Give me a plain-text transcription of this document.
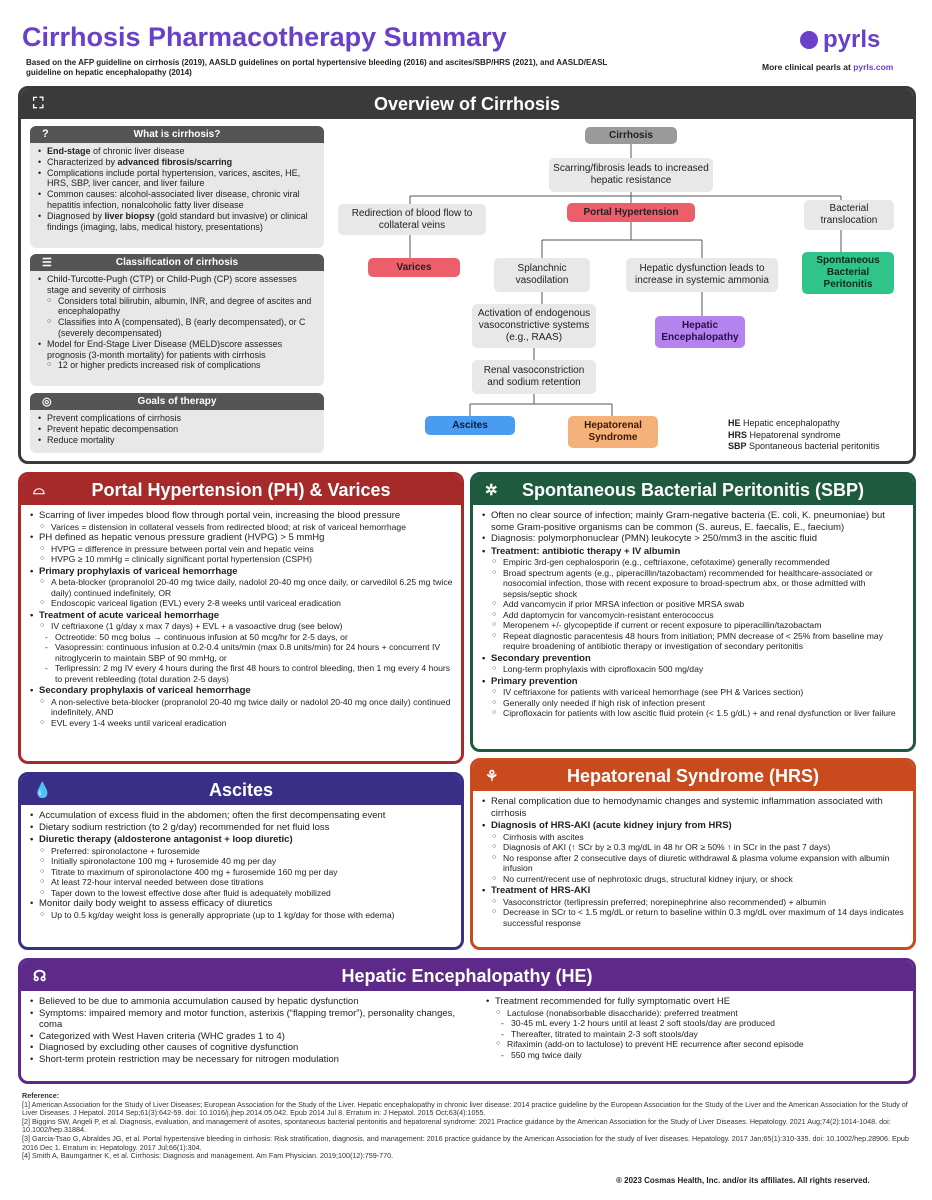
Cirrhosis Pharmacotherapy Summary
Based on the AFP guideline on cirrhosis (2019), AASLD guidelines on portal hypertensive bleeding (2016) and ascites/SBP/HRS (2021), and AASLD/EASL guideline on hepatic encephalopathy (2014)
pyrls
More clinical pearls at pyrls.com
⛶	Overview of Cirrhosis
?	What is cirrhosis?
• End-stage of chronic liver disease
• Characterized by advanced fibrosis/scarring
• Complications include portal hypertension, varices, ascites, HE, HRS, SBP, liver cancer, and liver failure
• Common causes: alcohol-associated liver disease, chronic viral hepatitis infection, nonalcoholic fatty liver disease
• Diagnosed by liver biopsy (gold standard but invasive) or clinical findings (imaging, labs, medical history, presentations)
☰	Classification of cirrhosis
• Child-Turcotte-Pugh (CTP) or Child-Pugh (CP) score assesses stage and severity of cirrhosis
○ Considers total bilirubin, albumin, INR, and degree of ascites and encephalopathy
○ Classifies into A (compensated), B (early decompensated), or C (severely decompensated)
• Model for End-Stage Liver Disease (MELD)score assesses prognosis (3-month mortality) for patients with cirrhosis
○ 12 or higher predicts increased risk of complications
◎	Goals of therapy
• Prevent complications of cirrhosis
• Prevent hepatic decompensation
• Reduce mortality
Cirrhosis
Scarring/fibrosis leads to increased hepatic resistance
Portal Hypertension
Redirection of blood flow to collateral veins
Varices
Bacterial translocation
Spontaneous Bacterial Peritonitis
Splanchnic vasodilation
Hepatic dysfunction leads to increase in systemic ammonia
Activation of endogenous vasoconstrictive systems (e.g., RAAS)
Hepatic Encephalopathy
Renal vasoconstriction and sodium retention
Ascites	Hepatorenal Syndrome
HE Hepatic encephalopathy
HRS Hepatorenal syndrome
SBP Spontaneous bacterial peritonitis
⌓	Portal Hypertension (PH) & Varices
• Scarring of liver impedes blood flow through portal vein, increasing the blood pressure
○ Varices = distension in collateral vessels from redirected blood; at risk of variceal hemorrhage
• PH defined as hepatic venous pressure gradient (HVPG) > 5 mmHg
○ HVPG = difference in pressure between portal vein and hepatic veins
○ HVPG ≥ 10 mmHg = clinically significant portal hypertension (CSPH)
• Primary prophylaxis of variceal hemorrhage
○ A beta-blocker (propranolol 20-40 mg twice daily, nadolol 20-40 mg once daily, or carvedilol 6.25 mg twice daily) continued indefinitely, OR
○ Endoscopic variceal ligation (EVL) every 2-8 weeks until variceal eradication
• Treatment of acute variceal hemorrhage
○ IV ceftriaxone (1 g/day x max 7 days) + EVL + a vasoactive drug (see below)
- Octreotide: 50 mcg bolus → continuous infusion at 50 mcg/hr for 2-5 days, or
- Vasopressin: continuous infusion at 0.2-0.4 units/min (max 0.8 units/min) for 24 hours + concurrent IV nitroglycerin to maintain SBP of 90 mmHg, or
- Terlipressin: 2 mg IV every 4 hours during the first 48 hours to control bleeding, then 1 mg every 4 hours to prevent rebleeding (total duration 2-5 days)
• Secondary prophylaxis of variceal hemorrhage
○ A non-selective beta-blocker (propranolol 20-40 mg twice daily or nadolol 20-40 mg once daily) continued indefinitely, AND
○ EVL every 1-4 weeks until variceal eradication
✲ Spontaneous Bacterial Peritonitis (SBP)
• Often no clear source of infection; mainly Gram-negative bacteria (E. coli, K. pneumoniae) but some Gram-positive organisms can be common (S. aureus, E. faecalis, E., faecium)
• Diagnosis: polymorphonuclear (PMN) leukocyte > 250/mm3 in the ascitic fluid
• Treatment: antibiotic therapy + IV albumin
○ Empiric 3rd-gen cephalosporin (e.g., ceftriaxone, cefotaxime) generally recommended
○ Broad spectrum agents (e.g., piperacillin/tazobactam) recommended for healthcare-associated or nosocomial infection, those with recent exposure to broad-spectrum abx, or those admitted with sepsis/septic shock
○ Add vancomycin if prior MRSA infection or positive MRSA swab
○ Add daptomycin for vancomycin-resistant enterococcus
○ Meropenem +/- glycopeptide if current or recent exposure to piperacillin/tazobactam
○ Repeat diagnostic paracentesis 48 hours from initiation; PMN decrease of < 25% from baseline may require broadening of antibiotic therapy or investigation of secondary peritonitis
• Secondary prevention
○ Long-term prophylaxis with ciprofloxacin 500 mg/day
• Primary prevention
○ IV ceftriaxone for patients with variceal hemorrhage (see PH & Varices section)
○ Generally only needed if high risk of infection present
○ Ciprofloxacin for patients with low ascitic fluid protein (< 1.5 g/dL) + and renal dysfunction or liver failure
💧	Ascites
• Accumulation of excess fluid in the abdomen; often the first decompensating event
• Dietary sodium restriction (to 2 g/day) recommended for net fluid loss
• Diuretic therapy (aldosterone antagonist + loop diuretic)
○ Preferred: spironolactone + furosemide
○ Initially spironolactone 100 mg + furosemide 40 mg per day
○ Titrate to maximum of spironolactone 400 mg + furosemide 160 mg per day
○ At least 72-hour interval needed between dose titrations
○ Taper down to the lowest effective dose after fluid is adequately mobilized
• Monitor daily body weight to assess efficacy of diuretics
○ Up to 0.5 kg/day weight loss is generally appropriate (up to 1 kg/day for those with edema)
⚘	Hepatorenal Syndrome (HRS)
• Renal complication due to hemodynamic changes and systemic inflammation associated with cirrhosis
• Diagnosis of HRS-AKI (acute kidney injury from HRS)
○ Cirrhosis with ascites
○ Diagnosis of AKI (↑ SCr by ≥ 0.3 mg/dL in 48 hr OR ≥ 50% ↑ in SCr in the past 7 days)
○ No response after 2 consecutive days of diuretic withdrawal & plasma volume expansion with albumin infusion
○ No current/recent use of nephrotoxic drugs, structural kidney injury, or shock
• Treatment of HRS-AKI
○ Vasoconstrictor (terlipressin preferred; norepinephrine also recommended) + albumin
○ Decrease in SCr to < 1.5 mg/dL or return to baseline within 0.3 mg/dL over maximum of 14 days indicates successful response
☊	Hepatic Encephalopathy (HE)
• Believed to be due to ammonia accumulation caused by hepatic dysfunction
• Symptoms: impaired memory and motor function, asterixis (“flapping tremor”), personality changes, coma
• Categorized with West Haven criteria (WHC grades 1 to 4)
• Diagnosed by excluding other causes of cognitive dysfunction
• Short-term protein restriction may be necessary for nitrogen modulation
• Treatment recommended for fully symptomatic overt HE
○ Lactulose (nonabsorbable disaccharide): preferred treatment
- 30-45 mL every 1-2 hours until at least 2 soft stools/day are produced
- Thereafter, titrated to maintain 2-3 soft stools/day
○ Rifaximin (add-on to lactulose) to prevent HE recurrence after second episode
- 550 mg twice daily
Reference:
[1] American Association for the Study of Liver Diseases; European Association for the Study of the Liver. Hepatic encephalopathy in chronic liver disease: 2014 practice guideline by the European Association for the Study of the Liver and the American Association for the Study of Liver Diseases. J Hepatol. 2014 Sep;61(3):642-59. doi: 10.1016/j.jhep.2014.05.042. Epub 2014 Jul 8. Erratum in: J Hepatol. 2015 Oct;63(4):1055.
[2] Biggins SW, Angeli P, et al. Diagnosis, evaluation, and management of ascites, spontaneous bacterial peritonitis and hepatorenal syndrome: 2021 Practice guidance by the American Association for the Study of Liver Diseases. Hepatology. 2021 Aug;74(2):1014-1048. doi: 10.1002/hep.31884.
[3] Garcia-Tsao G, Abraldes JG, et al. Portal hypertensive bleeding in cirrhosis: Risk stratification, diagnosis, and management: 2016 practice guidance by the American Association for the study of liver diseases. Hepatology. 2017 Jan;65(1):310-335. doi: 10.1002/hep.28906. Epub 2016 Dec 1. Erratum in: Hepatology. 2017 Jul;66(1):304.
[4] Smith A, Baumgartner K, et al. Cirrhosis: Diagnosis and management. Am Fam Physician. 2019;100(12):759-770.
® 2023 Cosmas Health, Inc. and/or its affiliates. All rights reserved.
